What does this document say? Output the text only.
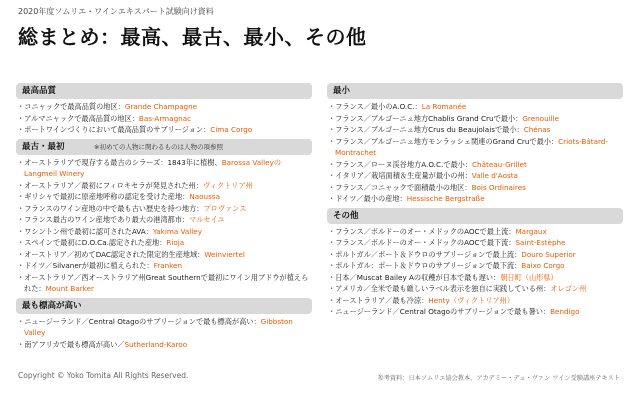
2020年度ソムリエ・ワインエキスパート試験向け資料
総まとめ：最高、最古、最小、その他
最高品質
・ コニャックで最高品質の地区：Grande Champagne
・ アルマニャックで最高品質の地区：Bas-Armagnac
・ ポートワインづくりにおいて最高品質のサブリージョン：Cima Corgo
最古・最初	※初めての人物に関わるものは人物の項参照
・ オーストラリアで現存する最古のシラーズ：1843年に植樹、Barossa ValleyのLangmeil Winery
・ オーストラリア／最初にフィロキセラが発見された州：ヴィクトリア州
・ ギリシャで最初に原産地呼称の認定を受けた産地：Naoussa
・ フランスのワイン産地の中で最も古い歴史を持つ地方：プロヴァンス
・ フランス最古のワイン産地であり最大の港湾都市：マルセイユ
・ ワシントン州で最初に認可されたAVA：Yakima Valley
・ スペインで最初にD.O.Ca.認定された産地：Rioja
・ オーストリア／初めてDAC認定された限定的生産地域：Weinviertel
・ ドイツ／Silvanerが最初に植えられた：Franken
・ オーストラリア／西オーストラリア州Great Southernで最初にワイン用ブドウが植えられた：Mount Barker
最も標高が高い
・ ニュージーランド／Central Otagoのサブリージョンで最も標高が高い：Gibbston Valley
・ 南アフリカで最も標高が高い／Sutherland-Karoo
最小
・ フランス／最小のA.O.C.：La Romanée
・ フランス／ブルゴーニュ地方Chablis Grand Cruで最小：Grenouille
・ フランス／ブルゴーニュ地方Crus du Beaujolaisで最小：Chénas
・ フランス／ブルゴーニュ地方モンラッシェ関連のGrand Cruで最小：Criots-Bâtard-Montrachet
・ フランス／ローヌ渓谷地方A.O.C.で最小：Château-Grillet
・ イタリア／栽培面積＆生産量が最小の州：Valle d'Aosta
・ フランス／コニャックで面積最小の地区：Bois Ordinaires
・ ドイツ／最小の産地：Hessische Bergstraße
その他
・ フランス／ボルドーのオー・メドックのAOCで最上流：Margaux
・ フランス／ボルドーのオー・メドックのAOCで最下流：Saint-Estèphe
・ ポルトガル／ポート＆ドウロのサブリージョンで最上流：Douro Superior
・ ポルトガル：ポート＆ドウロのサブリージョンで最下流：Baixo Corgo
・ 日本／Muscat Bailey Aの収穫が日本で最も遅い：朝日町（山形県）
・ アメリカ／全米で最も厳しいラベル表示を独自に実践している州：オレゴン州
・ オーストラリア／最も冷涼：Henty（ヴィクトリア州）
・ ニュージーランド／Central Otagoのサブリージョンで最も暑い：Bendigo
Copyright © Yoko Tomita All Rights Reserved.	参考資料：日本ソムリエ協会教本、アカデミー・デュ・ヴァン ワイン受験講座テキスト
